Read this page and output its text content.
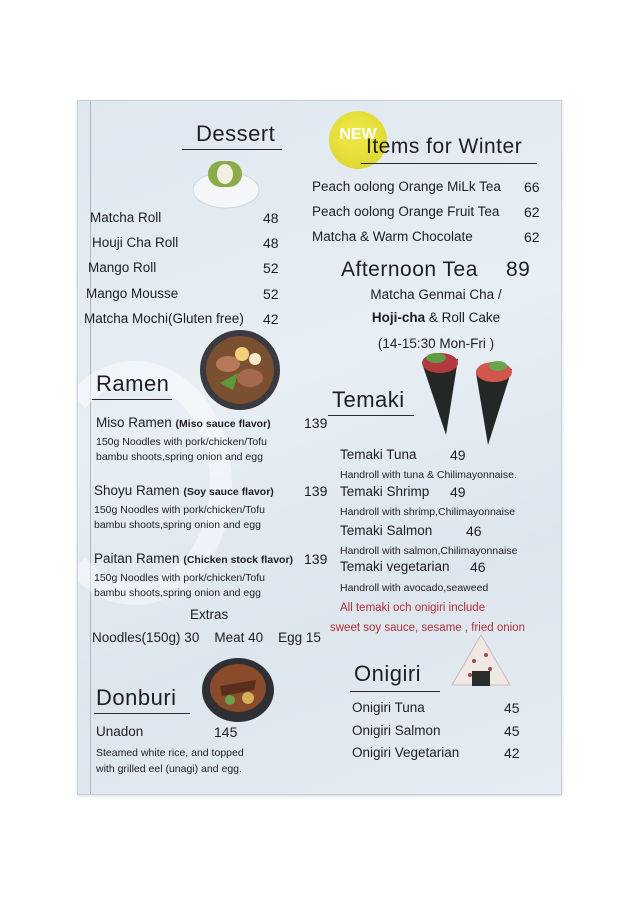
Dessert
Matcha Roll	48
Houji Cha Roll	48
Mango Roll	52
Mango Mousse	52
Matcha Mochi(Gluten free) 42
NEW
Items for Winter
Peach oolong Orange MiLk Tea 66
Peach oolong Orange Fruit Tea 62
Matcha & Warm Chocolate	62
Afternoon Tea 89
Matcha Genmai Cha /
Hoji-cha & Roll Cake
(14-15:30 Mon-Fri )
Ramen
Miso Ramen (Miso sauce flavor) 139
150g Noodles with pork/chicken/Tofu
bambu shoots,spring onion and egg
Shoyu Ramen (Soy sauce flavor) 139
150g Noodles with pork/chicken/Tofu
bambu shoots,spring onion and egg
Paitan Ramen (Chicken stock flavor) 139
150g Noodles with pork/chicken/Tofu
bambu shoots,spring onion and egg
Extras
Noodles(150g) 30    Meat 40    Egg 15
Temaki
Temaki Tuna 49
Handroll with tuna & Chilimayonnaise.
Temaki Shrimp 49
Handroll with shrimp,Chilimayonnaise
Temaki Salmon 46
Handroll with salmon,Chilimayonnaise
Temaki vegetarian 46
Handroll with avocado,seaweed
All temaki och onigiri include
sweet soy sauce, sesame , fried onion
Donburi
Unadon	145
Steamed white rice, and topped
with grilled eel (unagi) and egg.
Onigiri
Onigiri Tuna	45
Onigiri Salmon	45
Onigiri Vegetarian	42
